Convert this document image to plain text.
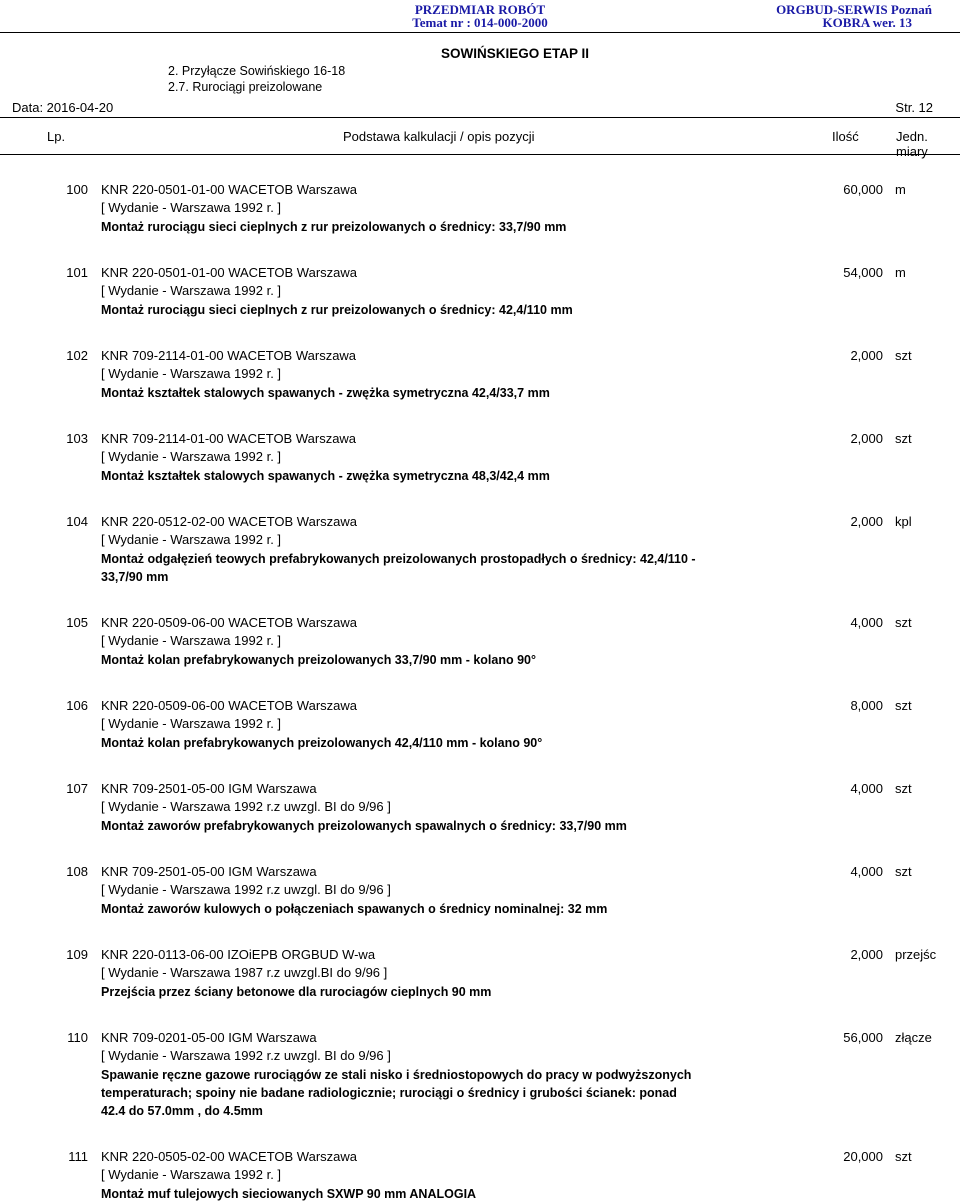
PRZEDMIAR ROBÓT
Temat nr : 014-000-2000
ORGBUD-SERWIS Poznań
KOBRA wer. 13
SOWIŃSKIEGO ETAP II
2. Przyłącze Sowińskiego 16-18
2.7. Rurociągi preizolowane
Data: 2016-04-20	Str. 12
Lp.	Podstawa kalkulacji / opis pozycji	Ilość	Jedn. miary
100 KNR 220-0501-01-00 WACETOB Warszawa	60,000 m
[ Wydanie - Warszawa 1992 r. ]
Montaż rurociągu sieci cieplnych z rur preizolowanych o średnicy: 33,7/90 mm
101 KNR 220-0501-01-00 WACETOB Warszawa	54,000 m
[ Wydanie - Warszawa 1992 r. ]
Montaż rurociągu sieci cieplnych z rur preizolowanych o średnicy: 42,4/110 mm
102 KNR 709-2114-01-00 WACETOB Warszawa	2,000 szt
[ Wydanie - Warszawa 1992 r. ]
Montaż kształtek stalowych spawanych - zwężka symetryczna 42,4/33,7 mm
103 KNR 709-2114-01-00 WACETOB Warszawa	2,000 szt
[ Wydanie - Warszawa 1992 r. ]
Montaż kształtek stalowych spawanych - zwężka symetryczna 48,3/42,4 mm
104 KNR 220-0512-02-00 WACETOB Warszawa	2,000 kpl
[ Wydanie - Warszawa 1992 r. ]
Montaż odgałęzień teowych prefabrykowanych preizolowanych prostopadłych o średnicy: 42,4/110 - 33,7/90 mm
105 KNR 220-0509-06-00 WACETOB Warszawa	4,000 szt
[ Wydanie - Warszawa 1992 r. ]
Montaż kolan prefabrykowanych preizolowanych 33,7/90 mm - kolano 90°
106 KNR 220-0509-06-00 WACETOB Warszawa	8,000 szt
[ Wydanie - Warszawa 1992 r. ]
Montaż kolan prefabrykowanych preizolowanych 42,4/110 mm - kolano 90°
107 KNR 709-2501-05-00 IGM Warszawa	4,000 szt
[ Wydanie - Warszawa 1992 r.z uwzgl. BI do 9/96 ]
Montaż zaworów prefabrykowanych preizolowanych spawalnych o średnicy: 33,7/90 mm
108 KNR 709-2501-05-00 IGM Warszawa	4,000 szt
[ Wydanie - Warszawa 1992 r.z uwzgl. BI do 9/96 ]
Montaż zaworów kulowych o połączeniach spawanych o średnicy nominalnej: 32 mm
109 KNR 220-0113-06-00 IZOiEPB ORGBUD W-wa	2,000 przejśc
[ Wydanie - Warszawa 1987 r.z uwzgl.BI do 9/96 ]
Przejścia przez ściany betonowe dla rurociagów cieplnych 90 mm
110 KNR 709-0201-05-00 IGM Warszawa	56,000 złącze
[ Wydanie - Warszawa 1992 r.z uwzgl. BI do 9/96 ]
Spawanie ręczne gazowe rurociągów ze stali nisko i średniostopowych do pracy w podwyższonych temperaturach; spoiny nie badane radiologicznie; rurociągi o średnicy i grubości ścianek: ponad 42.4 do 57.0mm , do 4.5mm
111 KNR 220-0505-02-00 WACETOB Warszawa	20,000 szt
[ Wydanie - Warszawa 1992 r. ]
Montaż muf tulejowych sieciowanych SXWP 90 mm ANALOGIA
